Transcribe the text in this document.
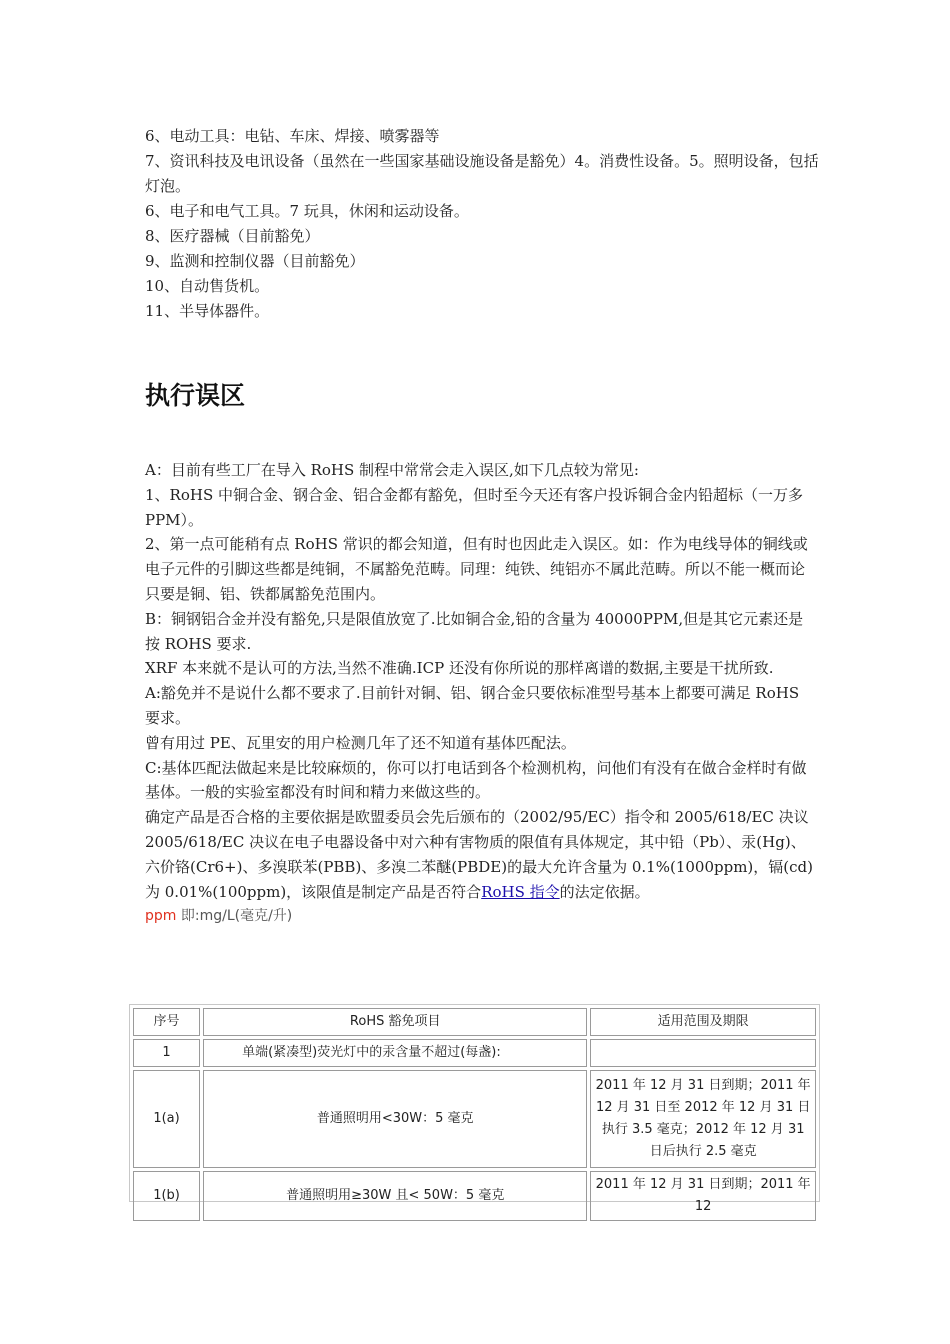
6、电动工具：电钻、车床、焊接、喷雾器等

7、资讯科技及电讯设备（虽然在一些国家基础设施设备是豁免）4。消费性设备。5。照明设备，包括灯泡。

6、电子和电气工具。7 玩具，休闲和运动设备。

8、医疗器械（目前豁免）

9、监测和控制仪器（目前豁免）

10、自动售货机。

11、半导体器件。

执行误区

A：目前有些工厂在导入 RoHS 制程中常常会走入误区,如下几点较为常见:

1、RoHS 中铜合金、钢合金、铝合金都有豁免，但时至今天还有客户投诉铜合金内铅超标（一万多 PPM）。

2、第一点可能稍有点 RoHS 常识的都会知道，但有时也因此走入误区。如：作为电线导体的铜线或电子元件的引脚这些都是纯铜，不属豁免范畴。同理：纯铁、纯铝亦不属此范畴。所以不能一概而论只要是铜、铝、铁都属豁免范围内。

B：铜钢铝合金并没有豁免,只是限值放宽了.比如铜合金,铅的含量为 40000PPM,但是其它元素还是按 ROHS 要求.

XRF 本来就不是认可的方法,当然不准确.ICP 还没有你所说的那样离谱的数据,主要是干扰所致.

A:豁免并不是说什么都不要求了.目前针对铜、铝、钢合金只要依标准型号基本上都要可满足 RoHS 要求。

曾有用过 PE、瓦里安的用户检测几年了还不知道有基体匹配法。

C:基体匹配法做起来是比较麻烦的，你可以打电话到各个检测机构，问他们有没有在做合金样时有做基体。一般的实验室都没有时间和精力来做这些的。

确定产品是否合格的主要依据是欧盟委员会先后颁布的（2002/95/EC）指令和 2005/618/EC 决议

2005/618/EC 决议在电子电器设备中对六种有害物质的限值有具体规定，其中铅（Pb）、汞(Hg)、六价铬(Cr6+)、多溴联苯(PBB)、多溴二苯醚(PBDE)的最大允许含量为 0.1%(1000ppm)，镉(cd)为 0.01%(100ppm)，该限值是制定产品是否符合RoHS 指令的法定依据。

ppm 即:mg/L(毫克/升)

序号	RoHS 豁免项目	适用范围及期限
1	单端(紧凑型)荧光灯中的汞含量不超过(每盏):	
1(a)	普通照明用<30W：5 毫克	2011 年 12 月 31 日到期；2011 年 12 月 31 日至 2012 年 12 月 31 日执行 3.5 毫克；2012 年 12 月 31 日后执行 2.5 毫克
1(b)	普通照明用≥30W 且< 50W：5 毫克	2011 年 12 月 31 日到期；2011 年 12
